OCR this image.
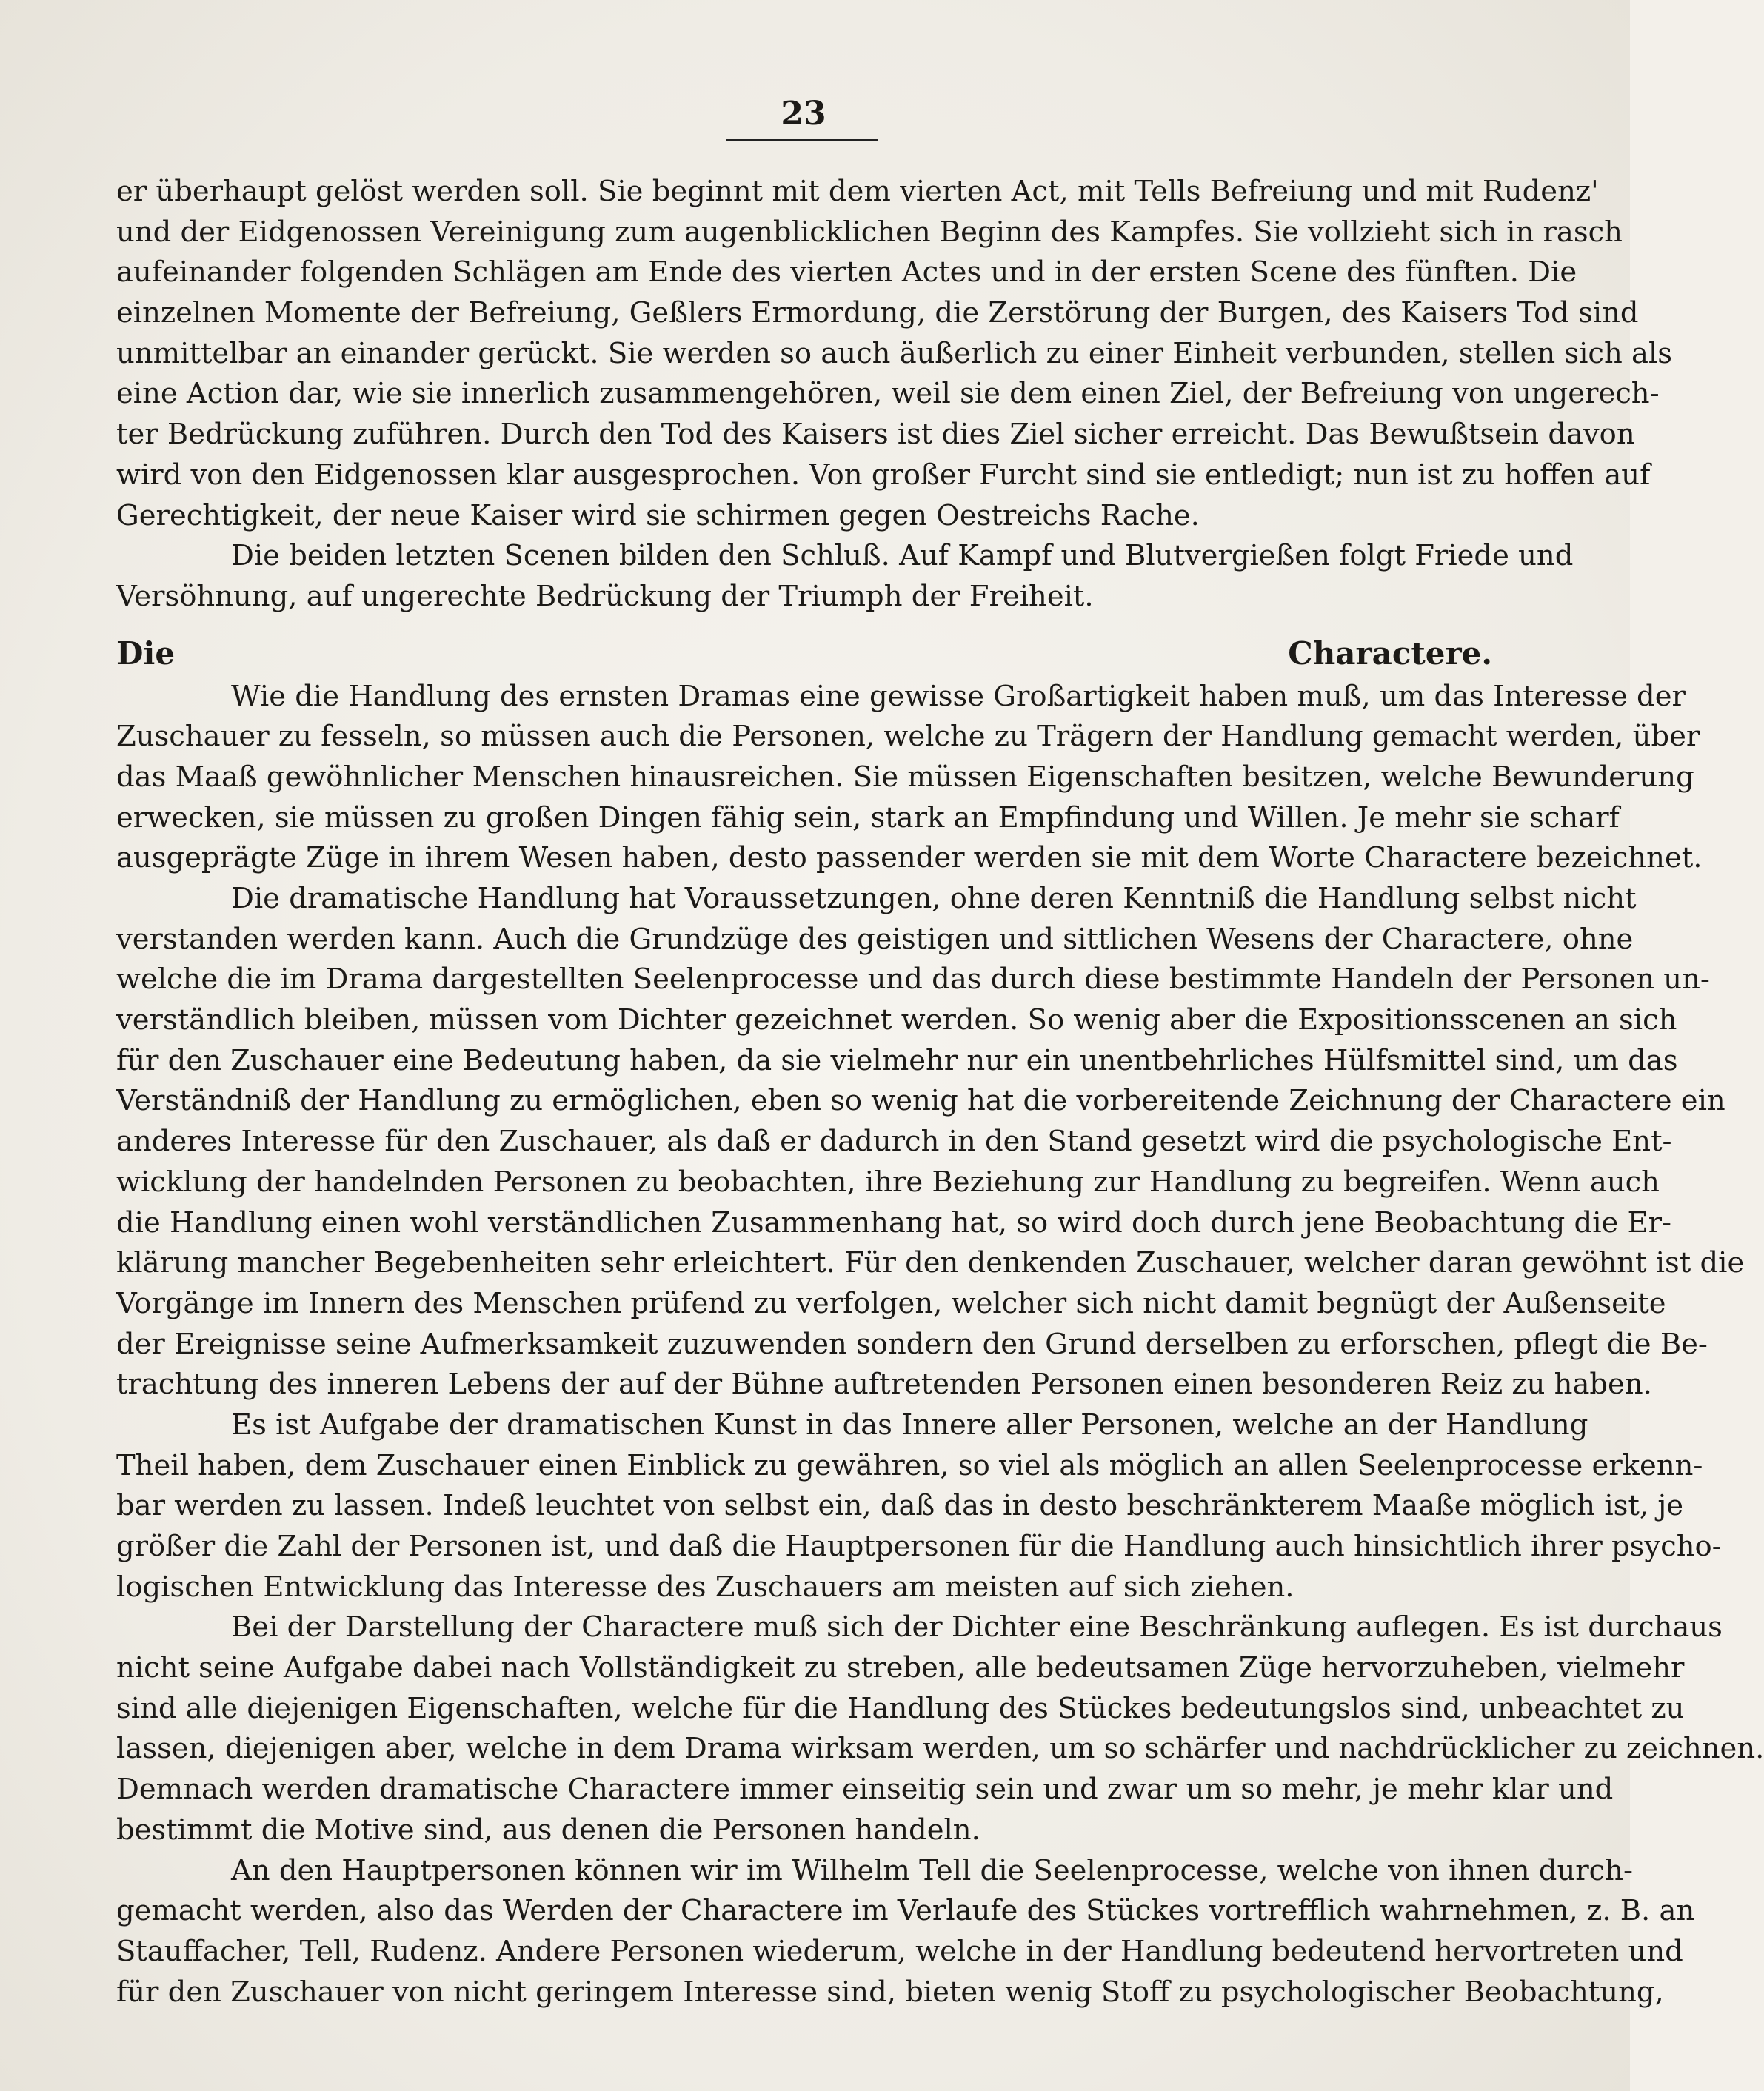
23
er überhaupt gelöst werden soll. Sie beginnt mit dem vierten Act, mit Tells Befreiung und mit Rudenz'
und der Eidgenossen Vereinigung zum augenblicklichen Beginn des Kampfes. Sie vollzieht sich in rasch
aufeinander folgenden Schlägen am Ende des vierten Actes und in der ersten Scene des fünften. Die
einzelnen Momente der Befreiung, Geßlers Ermordung, die Zerstörung der Burgen, des Kaisers Tod sind
unmittelbar an einander gerückt. Sie werden so auch äußerlich zu einer Einheit verbunden, stellen sich als
eine Action dar, wie sie innerlich zusammengehören, weil sie dem einen Ziel, der Befreiung von ungerech-
ter Bedrückung zuführen. Durch den Tod des Kaisers ist dies Ziel sicher erreicht. Das Bewußtsein davon
wird von den Eidgenossen klar ausgesprochen. Von großer Furcht sind sie entledigt; nun ist zu hoffen auf
Gerechtigkeit, der neue Kaiser wird sie schirmen gegen Oestreichs Rache.
Die beiden letzten Scenen bilden den Schluß. Auf Kampf und Blutvergießen folgt Friede und
Versöhnung, auf ungerechte Bedrückung der Triumph der Freiheit.
Die Charactere.
Wie die Handlung des ernsten Dramas eine gewisse Großartigkeit haben muß, um das Interesse der
Zuschauer zu fesseln, so müssen auch die Personen, welche zu Trägern der Handlung gemacht werden, über
das Maaß gewöhnlicher Menschen hinausreichen. Sie müssen Eigenschaften besitzen, welche Bewunderung
erwecken, sie müssen zu großen Dingen fähig sein, stark an Empfindung und Willen. Je mehr sie scharf
ausgeprägte Züge in ihrem Wesen haben, desto passender werden sie mit dem Worte Charactere bezeichnet.
Die dramatische Handlung hat Voraussetzungen, ohne deren Kenntniß die Handlung selbst nicht
verstanden werden kann. Auch die Grundzüge des geistigen und sittlichen Wesens der Charactere, ohne
welche die im Drama dargestellten Seelenprocesse und das durch diese bestimmte Handeln der Personen un-
verständlich bleiben, müssen vom Dichter gezeichnet werden. So wenig aber die Expositionsscenen an sich
für den Zuschauer eine Bedeutung haben, da sie vielmehr nur ein unentbehrliches Hülfsmittel sind, um das
Verständniß der Handlung zu ermöglichen, eben so wenig hat die vorbereitende Zeichnung der Charactere ein
anderes Interesse für den Zuschauer, als daß er dadurch in den Stand gesetzt wird die psychologische Ent-
wicklung der handelnden Personen zu beobachten, ihre Beziehung zur Handlung zu begreifen. Wenn auch
die Handlung einen wohl verständlichen Zusammenhang hat, so wird doch durch jene Beobachtung die Er-
klärung mancher Begebenheiten sehr erleichtert. Für den denkenden Zuschauer, welcher daran gewöhnt ist die
Vorgänge im Innern des Menschen prüfend zu verfolgen, welcher sich nicht damit begnügt der Außenseite
der Ereignisse seine Aufmerksamkeit zuzuwenden sondern den Grund derselben zu erforschen, pflegt die Be-
trachtung des inneren Lebens der auf der Bühne auftretenden Personen einen besonderen Reiz zu haben.
Es ist Aufgabe der dramatischen Kunst in das Innere aller Personen, welche an der Handlung
Theil haben, dem Zuschauer einen Einblick zu gewähren, so viel als möglich an allen Seelenprocesse erkenn-
bar werden zu lassen. Indeß leuchtet von selbst ein, daß das in desto beschränkterem Maaße möglich ist, je
größer die Zahl der Personen ist, und daß die Hauptpersonen für die Handlung auch hinsichtlich ihrer psycho-
logischen Entwicklung das Interesse des Zuschauers am meisten auf sich ziehen.
Bei der Darstellung der Charactere muß sich der Dichter eine Beschränkung auflegen. Es ist durchaus
nicht seine Aufgabe dabei nach Vollständigkeit zu streben, alle bedeutsamen Züge hervorzuheben, vielmehr
sind alle diejenigen Eigenschaften, welche für die Handlung des Stückes bedeutungslos sind, unbeachtet zu
lassen, diejenigen aber, welche in dem Drama wirksam werden, um so schärfer und nachdrücklicher zu zeichnen.
Demnach werden dramatische Charactere immer einseitig sein und zwar um so mehr, je mehr klar und
bestimmt die Motive sind, aus denen die Personen handeln.
An den Hauptpersonen können wir im Wilhelm Tell die Seelenprocesse, welche von ihnen durch-
gemacht werden, also das Werden der Charactere im Verlaufe des Stückes vortrefflich wahrnehmen, z. B. an
Stauffacher, Tell, Rudenz. Andere Personen wiederum, welche in der Handlung bedeutend hervortreten und
für den Zuschauer von nicht geringem Interesse sind, bieten wenig Stoff zu psychologischer Beobachtung,
